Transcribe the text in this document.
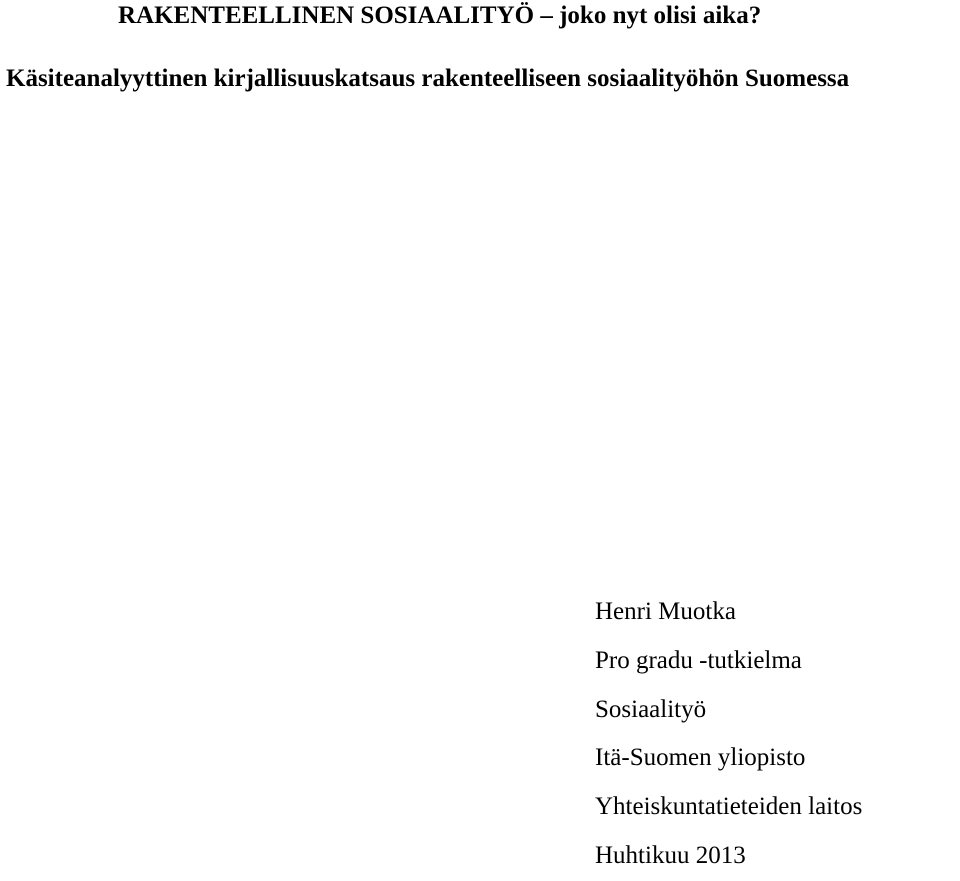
RAKENTEELLINEN SOSIAALITYÖ – joko nyt olisi aika?
Käsiteanalyyttinen kirjallisuuskatsaus rakenteelliseen sosiaalityöhön Suomessa
Henri Muotka
Pro gradu -tutkielma
Sosiaalityö
Itä-Suomen yliopisto
Yhteiskuntatieteiden laitos
Huhtikuu 2013
